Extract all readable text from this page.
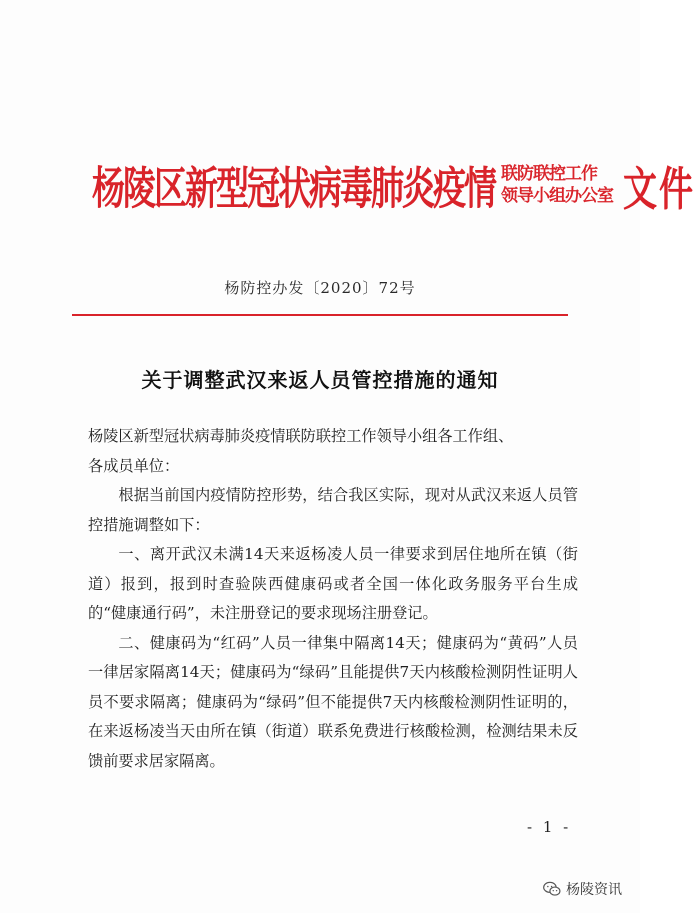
杨陵区新型冠状病毒肺炎疫情 联防联控工作
领导小组办公室 文件
杨防控办发〔2020〕72号
关于调整武汉来返人员管控措施的通知

杨陵区新型冠状病毒肺炎疫情联防联控工作领导小组各工作组、

各成员单位：

根据当前国内疫情防控形势，结合我区实际，现对从武汉来返人员管控措施调整如下：

一、离开武汉未满14天来返杨凌人员一律要求到居住地所在镇（街道）报到，报到时查验陕西健康码或者全国一体化政务服务平台生成的“健康通行码”，未注册登记的要求现场注册登记。

二、健康码为“红码”人员一律集中隔离14天；健康码为“黄码”人员一律居家隔离14天；健康码为“绿码”且能提供7天内核酸检测阴性证明人员不要求隔离；健康码为“绿码”但不能提供7天内核酸检测阴性证明的，在来返杨凌当天由所在镇（街道）联系免费进行核酸检测，检测结果未反馈前要求居家隔离。

- 1 -
杨陵资讯
